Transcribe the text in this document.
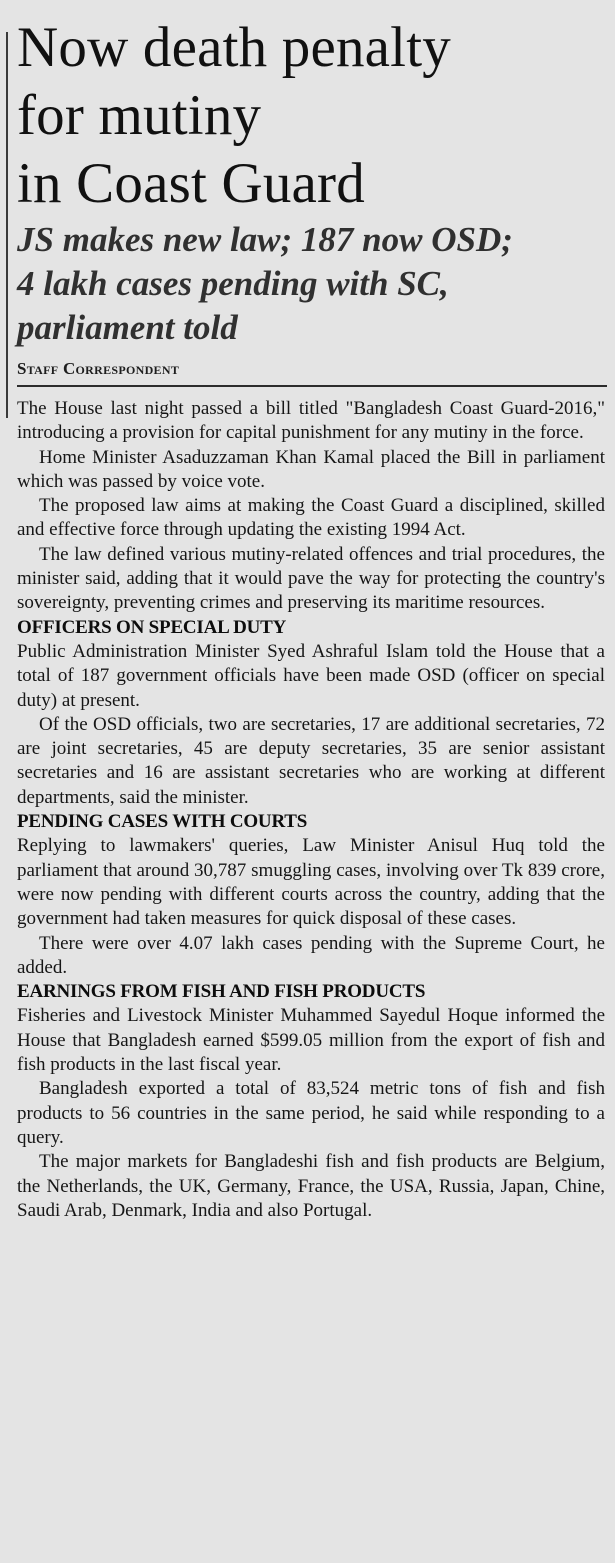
Now death penalty
for mutiny
in Coast Guard
JS makes new law; 187 now OSD;
4 lakh cases pending with SC,
parliament told
Staff Correspondent

The House last night passed a bill titled "Bangladesh Coast Guard-2016," introducing a provision for capital punishment for any mutiny in the force.

Home Minister Asaduzzaman Khan Kamal placed the Bill in parliament which was passed by voice vote.

The proposed law aims at making the Coast Guard a disciplined, skilled and effective force through updating the existing 1994 Act.

The law defined various mutiny-related offences and trial procedures, the minister said, adding that it would pave the way for protecting the country's sovereignty, preventing crimes and preserving its maritime resources.

OFFICERS ON SPECIAL DUTY

Public Administration Minister Syed Ashraful Islam told the House that a total of 187 government officials have been made OSD (officer on special duty) at present.

Of the OSD officials, two are secretaries, 17 are additional secretaries, 72 are joint secretaries, 45 are deputy secretaries, 35 are senior assistant secretaries and 16 are assistant secretaries who are working at different departments, said the minister.

PENDING CASES WITH COURTS

Replying to lawmakers' queries, Law Minister Anisul Huq told the parliament that around 30,787 smuggling cases, involving over Tk 839 crore, were now pending with different courts across the country, adding that the government had taken measures for quick disposal of these cases.

There were over 4.07 lakh cases pending with the Supreme Court, he added.

EARNINGS FROM FISH AND FISH PRODUCTS

Fisheries and Livestock Minister Muhammed Sayedul Hoque informed the House that Bangladesh earned $599.05 million from the export of fish and fish products in the last fiscal year.

Bangladesh exported a total of 83,524 metric tons of fish and fish products to 56 countries in the same period, he said while responding to a query.

The major markets for Bangladeshi fish and fish products are Belgium, the Netherlands, the UK, Germany, France, the USA, Russia, Japan, Chine, Saudi Arab, Denmark, India and also Portugal.
